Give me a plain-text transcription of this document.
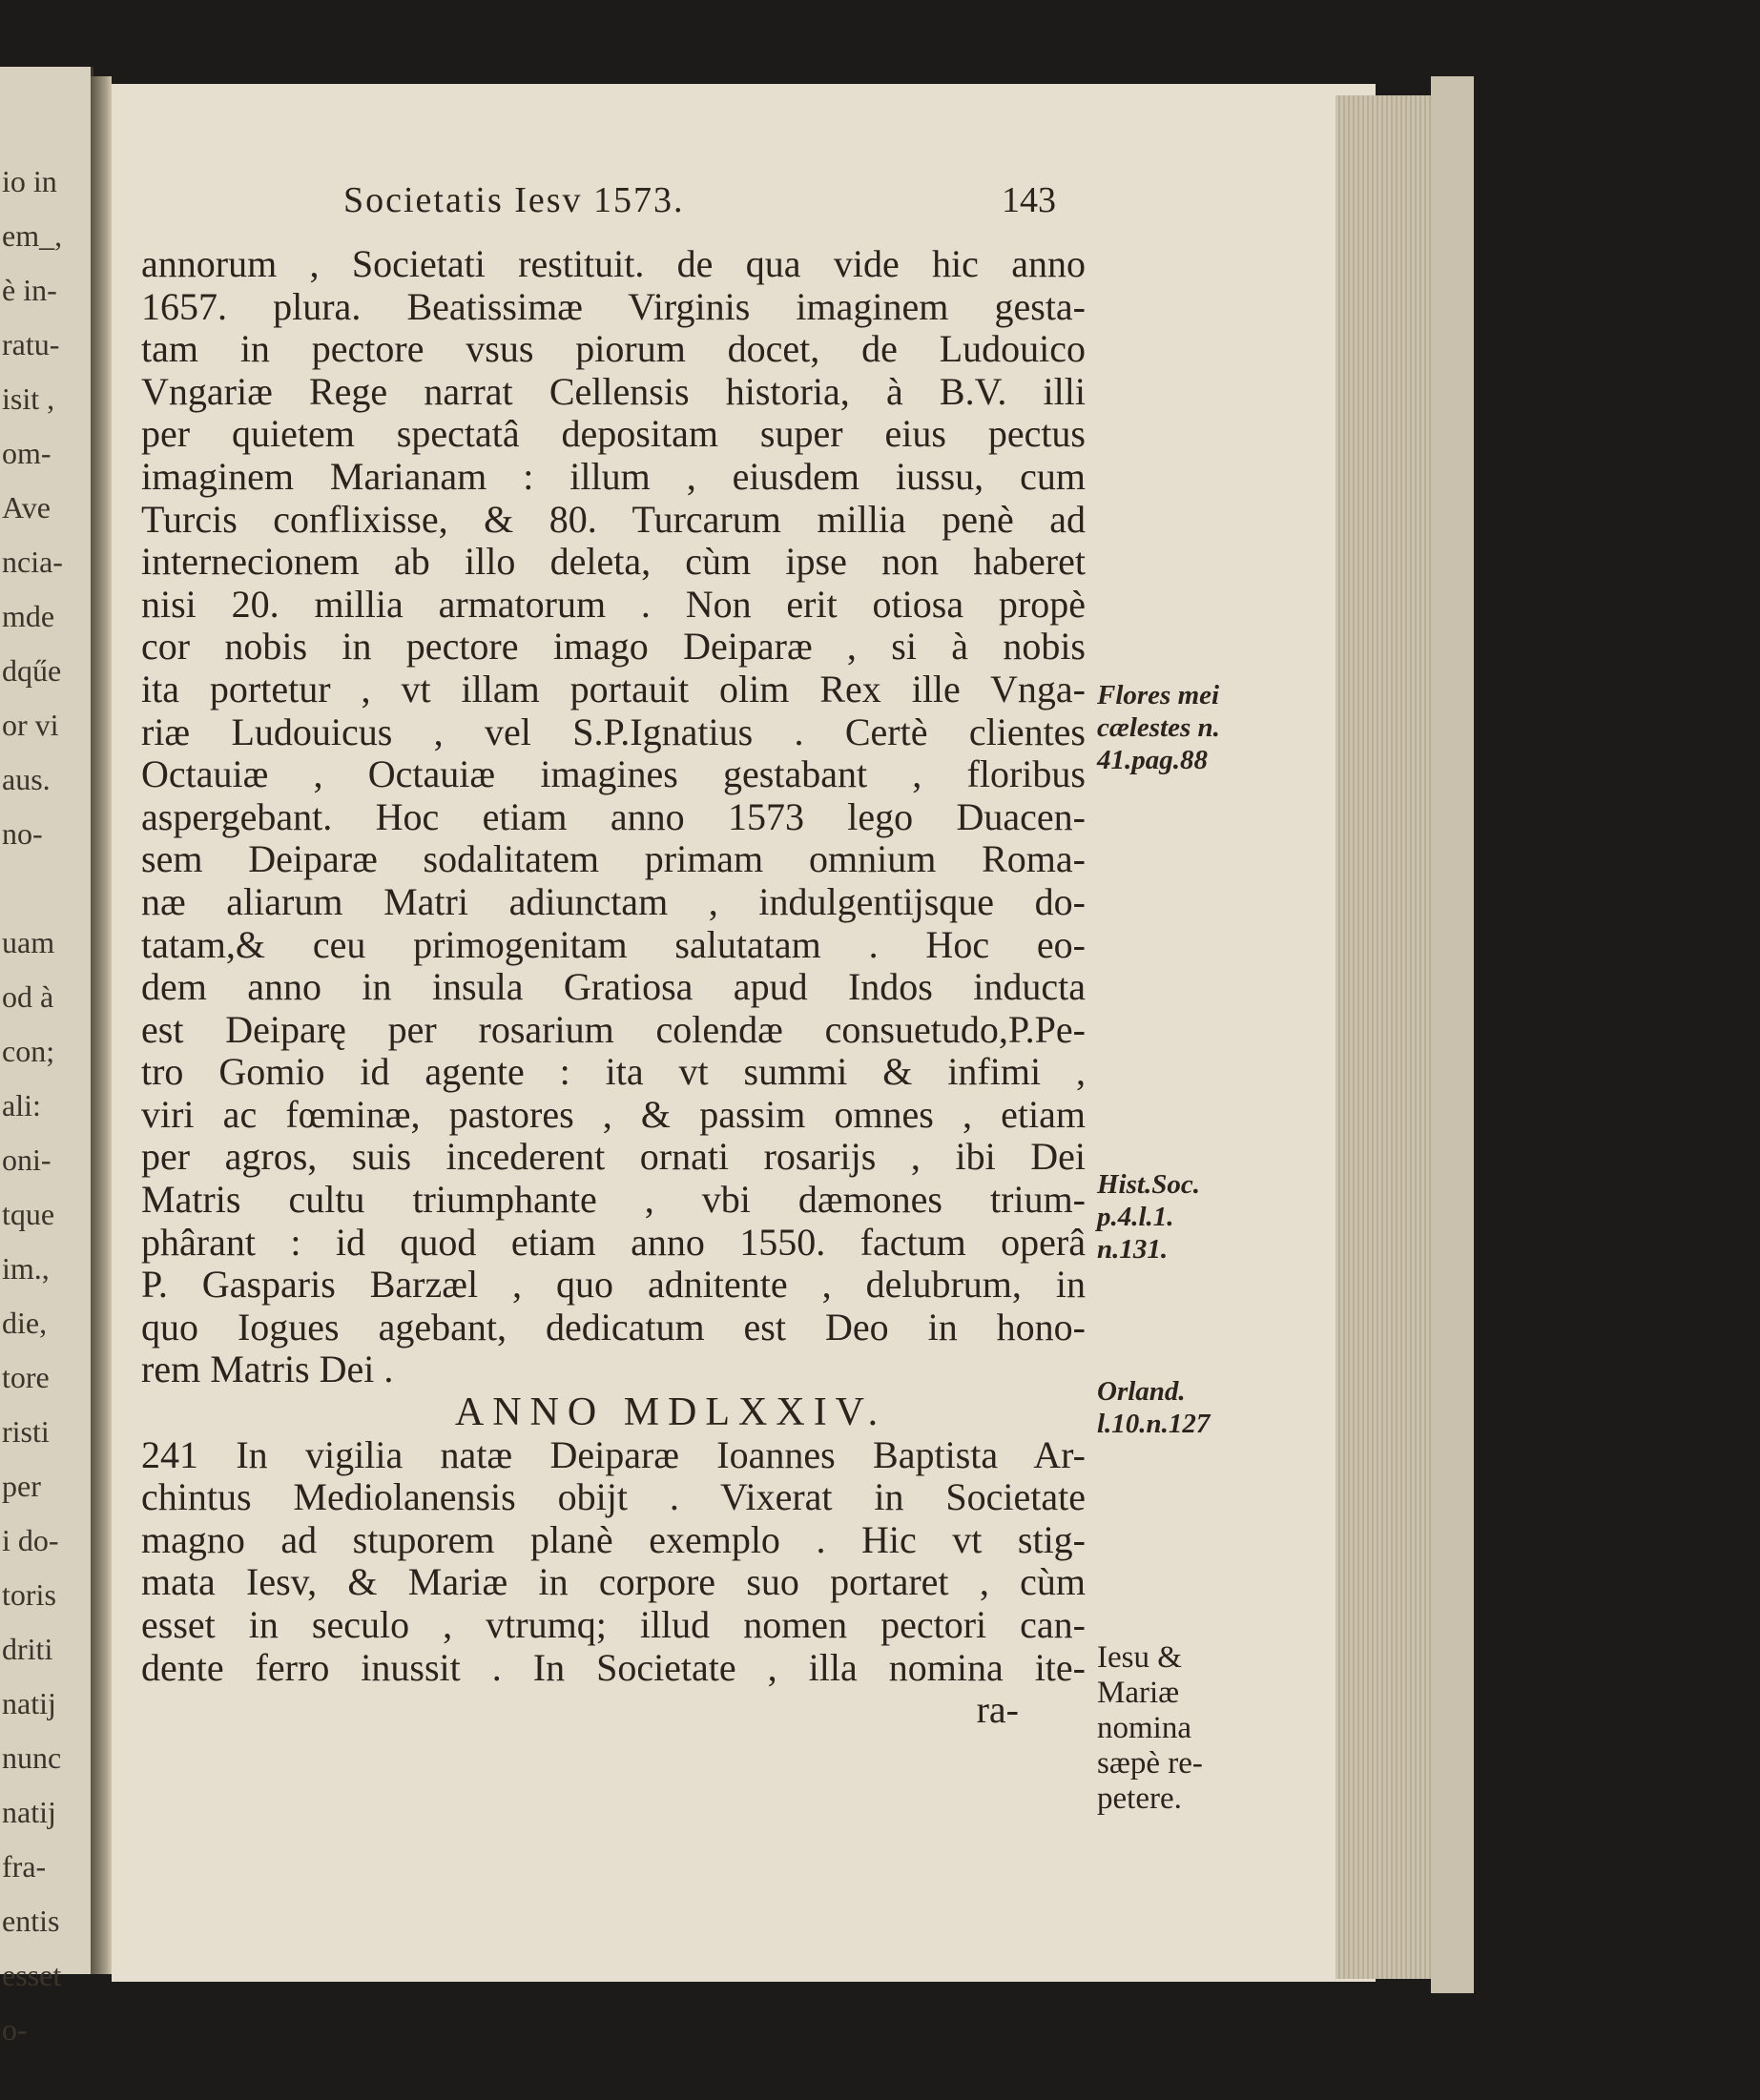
io in
em_,
è in-
ratu-
isit ,
om-
Ave
ncia-
mde
dqűe
or vi
aus.
no-
uam
od à
con;
ali:
oni-
tque
im.,
die,
tore
risti
per
i do-
toris
driti
natij
nunc
natij
fra-
entis
esset
o-
Societatis Iesv 1573.	143
annorum , Societati restituit. de qua vide hic anno
1657. plura. Beatissimæ Virginis imaginem gesta-
tam in pectore vsus piorum docet, de Ludouico
Vngariæ Rege narrat Cellensis historia, à B.V. illi
per quietem spectatâ depositam super eius pectus
imaginem Marianam : illum , eiusdem iussu, cum
Turcis conflixisse, & 80. Turcarum millia penè ad
internecionem ab illo deleta, cùm ipse non haberet
nisi 20. millia armatorum . Non erit otiosa propè
cor nobis in pectore imago Deiparæ , si à nobis
ita portetur , vt illam portauit olim Rex ille Vnga-
riæ Ludouicus , vel S.P.Ignatius . Certè clientes
Octauiæ , Octauiæ imagines gestabant , floribus
aspergebant. Hoc etiam anno 1573 lego Duacen-
sem Deiparæ sodalitatem primam omnium Roma-
næ aliarum Matri adiunctam , indulgentijsque do-
tatam,& ceu primogenitam salutatam . Hoc eo-
dem anno in insula Gratiosa apud Indos inducta
est Deiparę per rosarium colendæ consuetudo,P.Pe-
tro Gomio id agente : ita vt summi & infimi ,
viri ac fœminæ, pastores , & passim omnes , etiam
per agros, suis incederent ornati rosarijs , ibi Dei
Matris cultu triumphante , vbi dæmones trium-
phârant : id quod etiam anno 1550. factum operâ
P. Gasparis Barzæl , quo adnitente , delubrum, in
quo Iogues agebant, dedicatum est Deo in hono-
rem Matris Dei .
ANNO MDLXXIV.
241 In vigilia natæ Deiparæ Ioannes Baptista Ar-
chintus Mediolanensis obijt . Vixerat in Societate
magno ad stuporem planè exemplo . Hic vt stig-
mata Iesv, & Mariæ in corpore suo portaret , cùm
esset in seculo , vtrumq; illud nomen pectori can-
dente ferro inussit . In Societate , illa nomina ite-
ra-
Flores mei
cælestes n.
41.pag.88
Hist.Soc.
p.4.l.1.
n.131.
Orland.
l.10.n.127
Iesu &
Mariæ
nomina
sæpè re-
petere.
